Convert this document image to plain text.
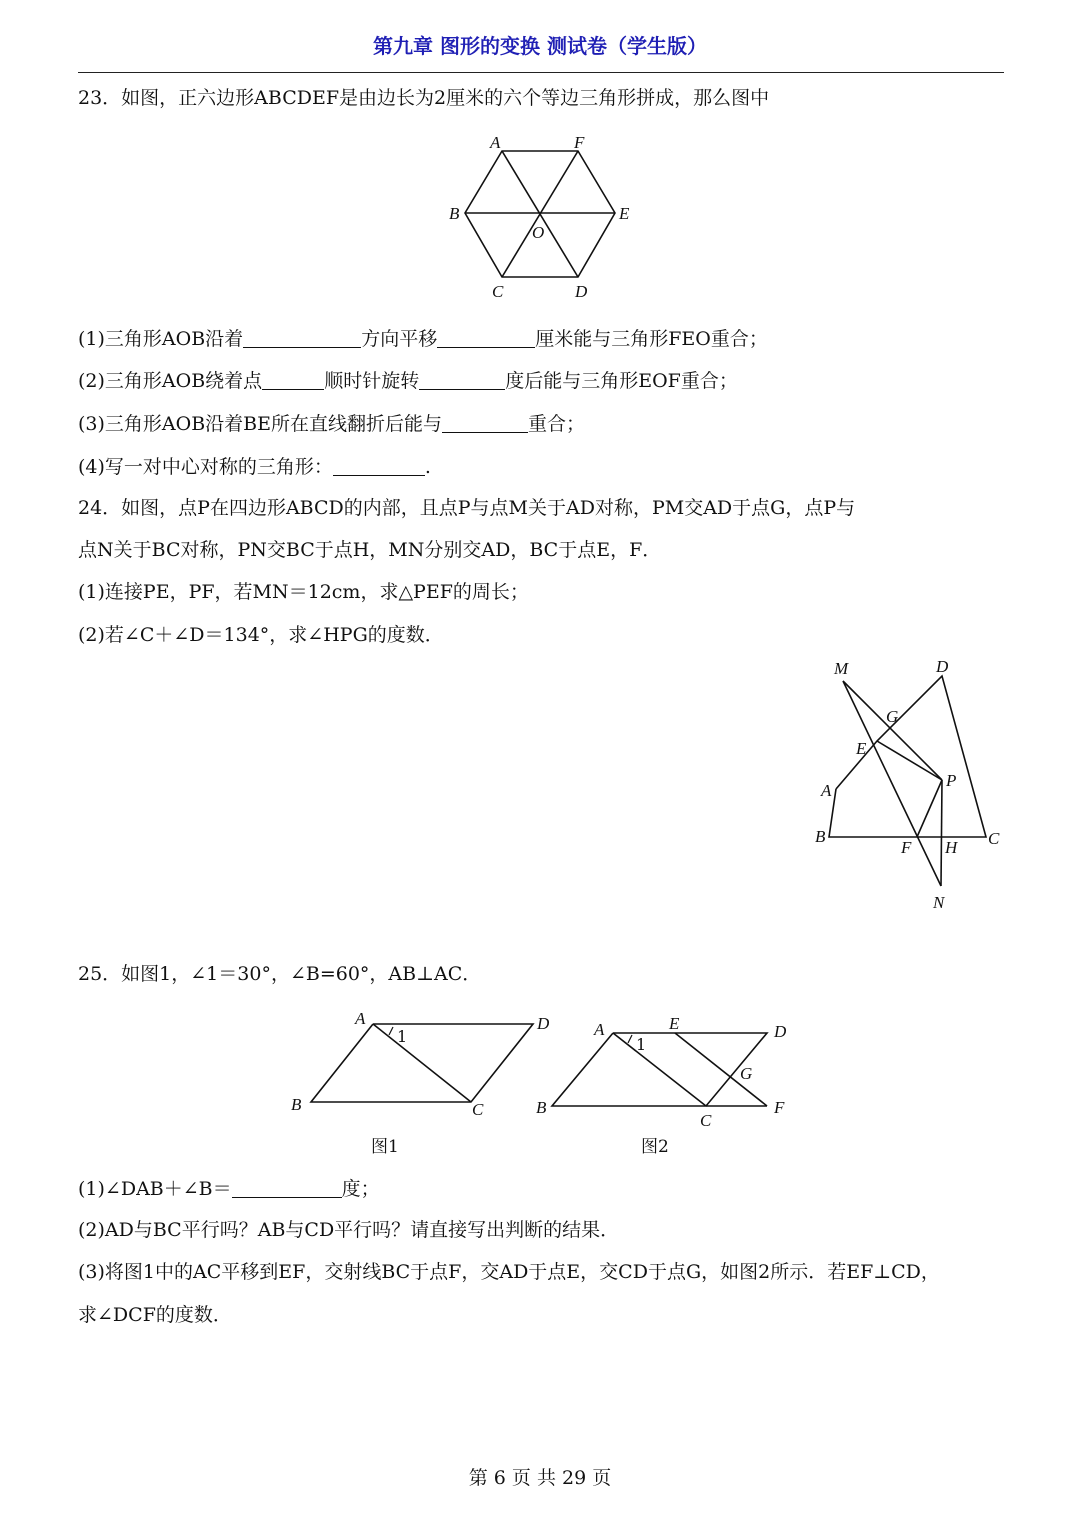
第九章 图形的变换 测试卷（学生版）
23．如图，正六边形ABCDEF是由边长为2厘米的六个等边三角形拼成，那么图中
A	F
B	E
O
C	D
(1)三角形AOB沿着	方向平移	厘米能与三角形FEO重合；
(2)三角形AOB绕着点	顺时针旋转	度后能与三角形EOF重合；
(3)三角形AOB沿着BE所在直线翻折后能与	重合；
(4)写一对中心对称的三角形：	.
24．如图，点P在四边形ABCD的内部，且点P与点M关于AD对称，PM交AD于点G，点P与
点N关于BC对称，PN交BC于点H，MN分别交AD，BC于点E，F．
(1)连接PE，PF，若MN＝12cm，求△PEF的周长；
(2)若∠C＋∠D＝134°，求∠HPG的度数．
M	D
G
E
P
A
B
F H C
N
25．如图1，∠1＝30°，∠B=60°，AB⊥AC．
A	D
1
B	C
图1
A	E	D
1
G
B
C
F
图2
(1)∠DAB＋∠B＝	度；
(2)AD与BC平行吗？AB与CD平行吗？请直接写出判断的结果．
(3)将图1中的AC平移到EF，交射线BC于点F，交AD于点E，交CD于点G，如图2所示．若EF⊥CD，
求∠DCF的度数．
第 6 页 共 29 页
